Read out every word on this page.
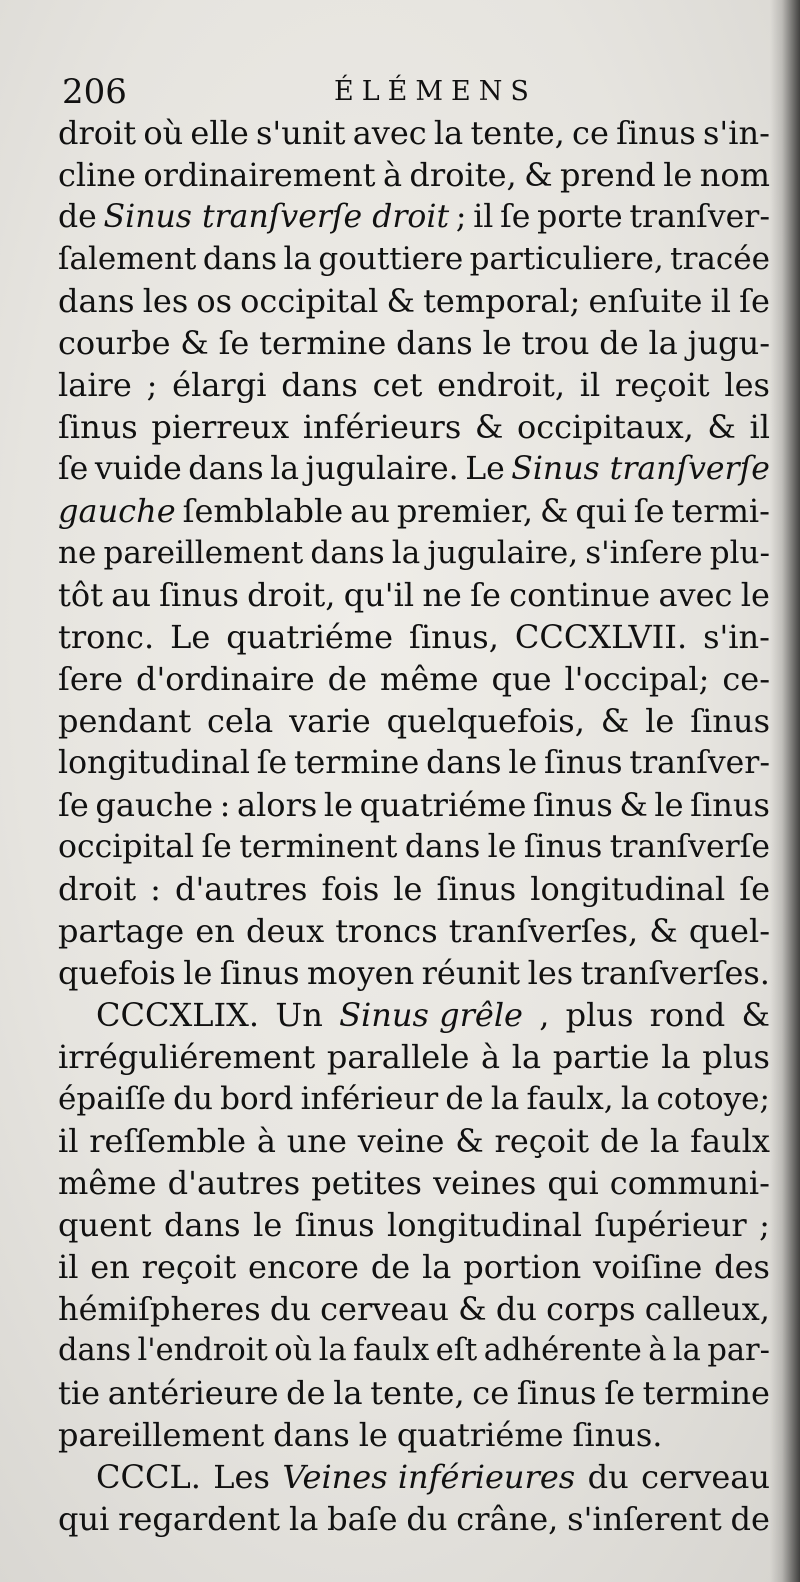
206	ÉLÉMENS
droit où elle s'unit avec la tente, ce ſinus s'in-
cline ordinairement à droite, & prend le nom
de Sinus tranſverſe droit ; il ſe porte tranſver-
ſalement dans la gouttiere particuliere, tracée
dans les os occipital & temporal; enſuite il ſe
courbe & ſe termine dans le trou de la jugu-
laire ; élargi dans cet endroit, il reçoit les
ſinus pierreux inférieurs & occipitaux, & il
ſe vuide dans la jugulaire. Le Sinus tranſverſe
gauche ſemblable au premier, & qui ſe termi-
ne pareillement dans la jugulaire, s'inſere plu-
tôt au ſinus droit, qu'il ne ſe continue avec le
tronc. Le quatriéme ſinus, CCCXLVII. s'in-
ſere d'ordinaire de même que l'occipal; ce-
pendant cela varie quelquefois, & le ſinus
longitudinal ſe termine dans le ſinus tranſver-
ſe gauche : alors le quatriéme ſinus & le ſinus
occipital ſe terminent dans le ſinus tranſverſe
droit : d'autres fois le ſinus longitudinal ſe
partage en deux troncs tranſverſes, & quel-
quefois le ſinus moyen réunit les tranſverſes.
CCCXLIX. Un Sinus grêle , plus rond &
irréguliérement parallele à la partie la plus
épaiſſe du bord inférieur de la faulx, la cotoye;
il reſſemble à une veine & reçoit de la faulx
même d'autres petites veines qui communi-
quent dans le ſinus longitudinal ſupérieur ;
il en reçoit encore de la portion voiſine des
hémiſpheres du cerveau & du corps calleux,
dans l'endroit où la faulx eſt adhérente à la par-
tie antérieure de la tente, ce ſinus ſe termine
pareillement dans le quatriéme ſinus.
CCCL. Les Veines inférieures du cerveau
qui regardent la baſe du crâne, s'inſerent de
